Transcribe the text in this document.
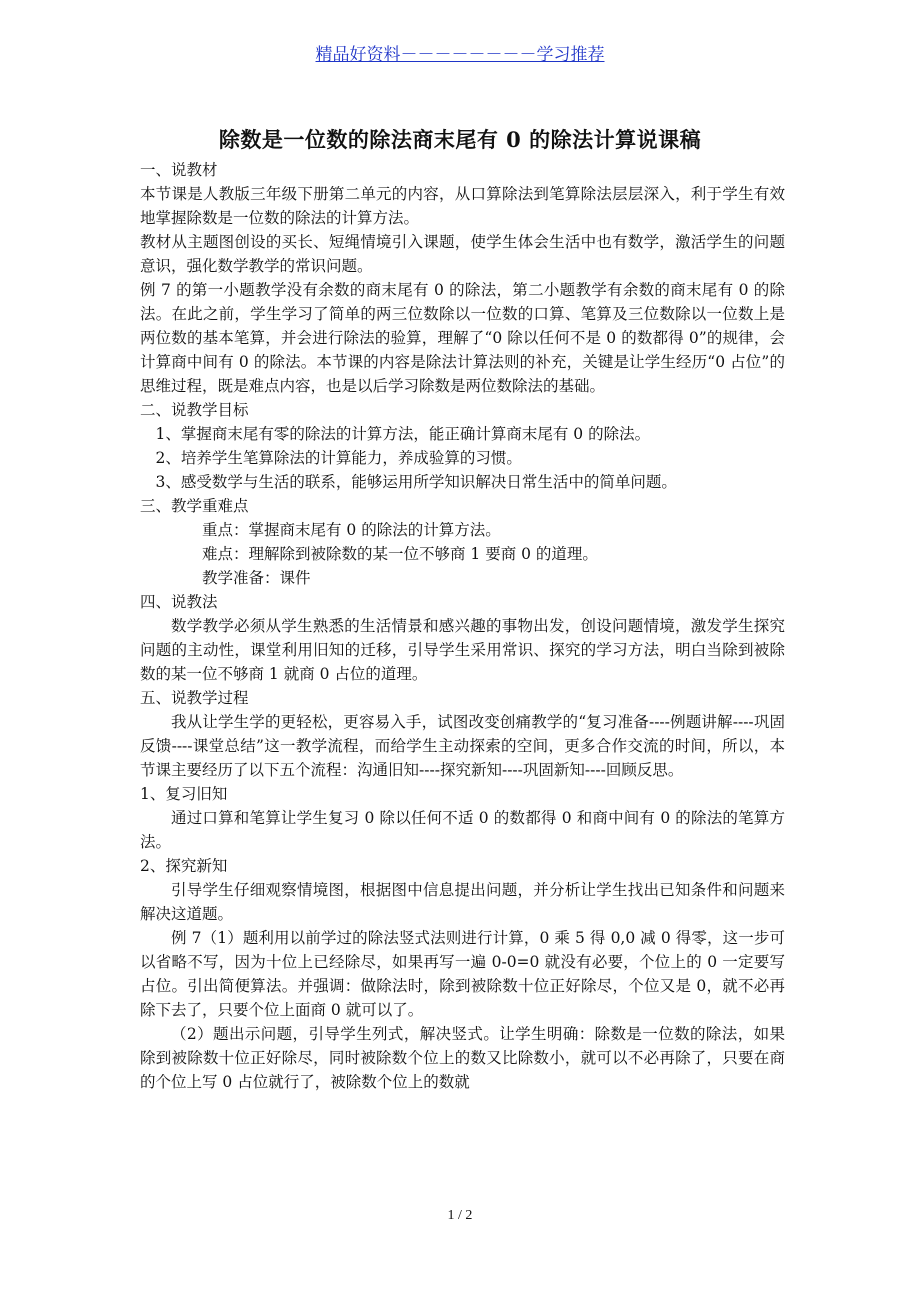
精品好资料－－－－－－－－学习推荐
除数是一位数的除法商末尾有 0 的除法计算说课稿

一、说教材

本节课是人教版三年级下册第二单元的内容，从口算除法到笔算除法层层深入，利于学生有效地掌握除数是一位数的除法的计算方法。

教材从主题图创设的买长、短绳情境引入课题，使学生体会生活中也有数学，激活学生的问题意识，强化数学教学的常识问题。

例 7 的第一小题教学没有余数的商末尾有 0 的除法，第二小题教学有余数的商末尾有 0 的除法。在此之前，学生学习了简单的两三位数除以一位数的口算、笔算及三位数除以一位数上是两位数的基本笔算，并会进行除法的验算，理解了“0 除以任何不是 0 的数都得 0”的规律，会计算商中间有 0 的除法。本节课的内容是除法计算法则的补充，关键是让学生经历“0 占位”的思维过程，既是难点内容，也是以后学习除数是两位数除法的基础。

二、说教学目标

1、掌握商末尾有零的除法的计算方法，能正确计算商末尾有 0 的除法。

2、培养学生笔算除法的计算能力，养成验算的习惯。

3、感受数学与生活的联系，能够运用所学知识解决日常生活中的简单问题。

三、教学重难点

重点：掌握商末尾有 0 的除法的计算方法。

难点：理解除到被除数的某一位不够商 1 要商 0 的道理。

教学准备：课件

四、说教法

数学教学必须从学生熟悉的生活情景和感兴趣的事物出发，创设问题情境，激发学生探究问题的主动性，课堂利用旧知的迁移，引导学生采用常识、探究的学习方法，明白当除到被除数的某一位不够商 1 就商 0 占位的道理。

五、说教学过程

我从让学生学的更轻松，更容易入手，试图改变创痛教学的“复习准备----例题讲解----巩固反馈----课堂总结”这一教学流程，而给学生主动探索的空间，更多合作交流的时间，所以，本节课主要经历了以下五个流程：沟通旧知----探究新知----巩固新知----回顾反思。

1、复习旧知

通过口算和笔算让学生复习 0 除以任何不适 0 的数都得 0 和商中间有 0 的除法的笔算方法。

2、探究新知

引导学生仔细观察情境图，根据图中信息提出问题，并分析让学生找出已知条件和问题来解决这道题。

例 7（1）题利用以前学过的除法竖式法则进行计算，0 乘 5 得 0,0 减 0 得零，这一步可以省略不写，因为十位上已经除尽，如果再写一遍 0-0=0 就没有必要，个位上的 0 一定要写占位。引出简便算法。并强调：做除法时，除到被除数十位正好除尽，个位又是 0，就不必再除下去了，只要个位上面商 0 就可以了。

（2）题出示问题，引导学生列式，解决竖式。让学生明确：除数是一位数的除法，如果除到被除数十位正好除尽，同时被除数个位上的数又比除数小，就可以不必再除了，只要在商的个位上写 0 占位就行了，被除数个位上的数就

1 / 2
